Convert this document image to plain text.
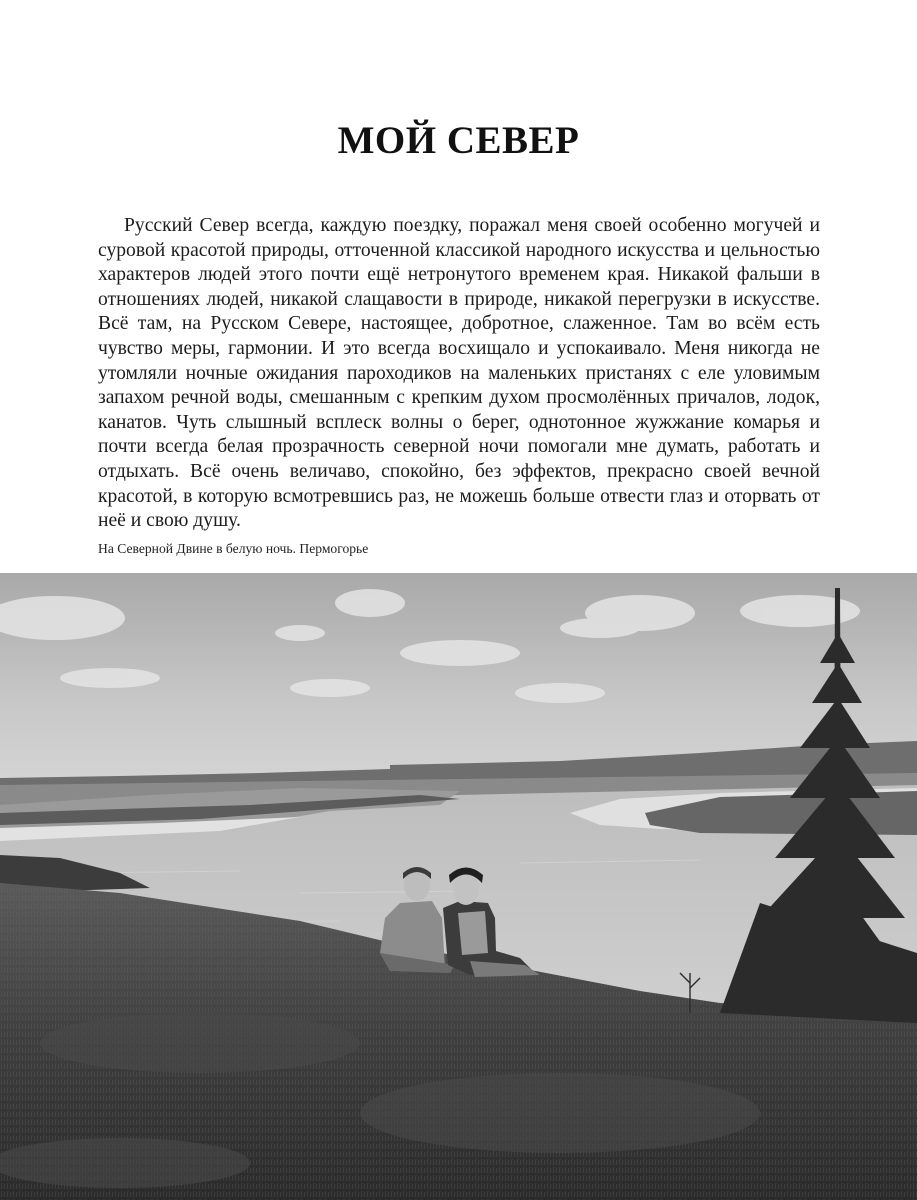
МОЙ СЕВЕР

Русский Север всегда, каждую поездку, поражал меня своей особенно могучей и суровой красотой природы, отточенной классикой народного искусства и цельностью характеров людей этого почти ещё нетронутого временем края. Никакой фальши в отношениях людей, никакой слащавости в природе, никакой перегрузки в искусстве. Всё там, на Русском Севере, настоящее, добротное, слаженное. Там во всём есть чувство меры, гармонии. И это всегда восхищало и успокаивало. Меня никогда не утомляли ночные ожидания пароходиков на маленьких пристанях с еле уловимым запахом речной воды, смешанным с крепким духом просмолённых причалов, лодок, канатов. Чуть слышный всплеск волны о берег, однотонное жужжание комарья и почти всегда белая прозрачность северной ночи помогали мне думать, работать и отдыхать. Всё очень величаво, спокойно, без эффектов, прекрасно своей вечной красотой, в которую всмотревшись раз, не можешь больше отвести глаз и оторвать от неё и свою душу.

На Северной Двине в белую ночь. Пермогорье
